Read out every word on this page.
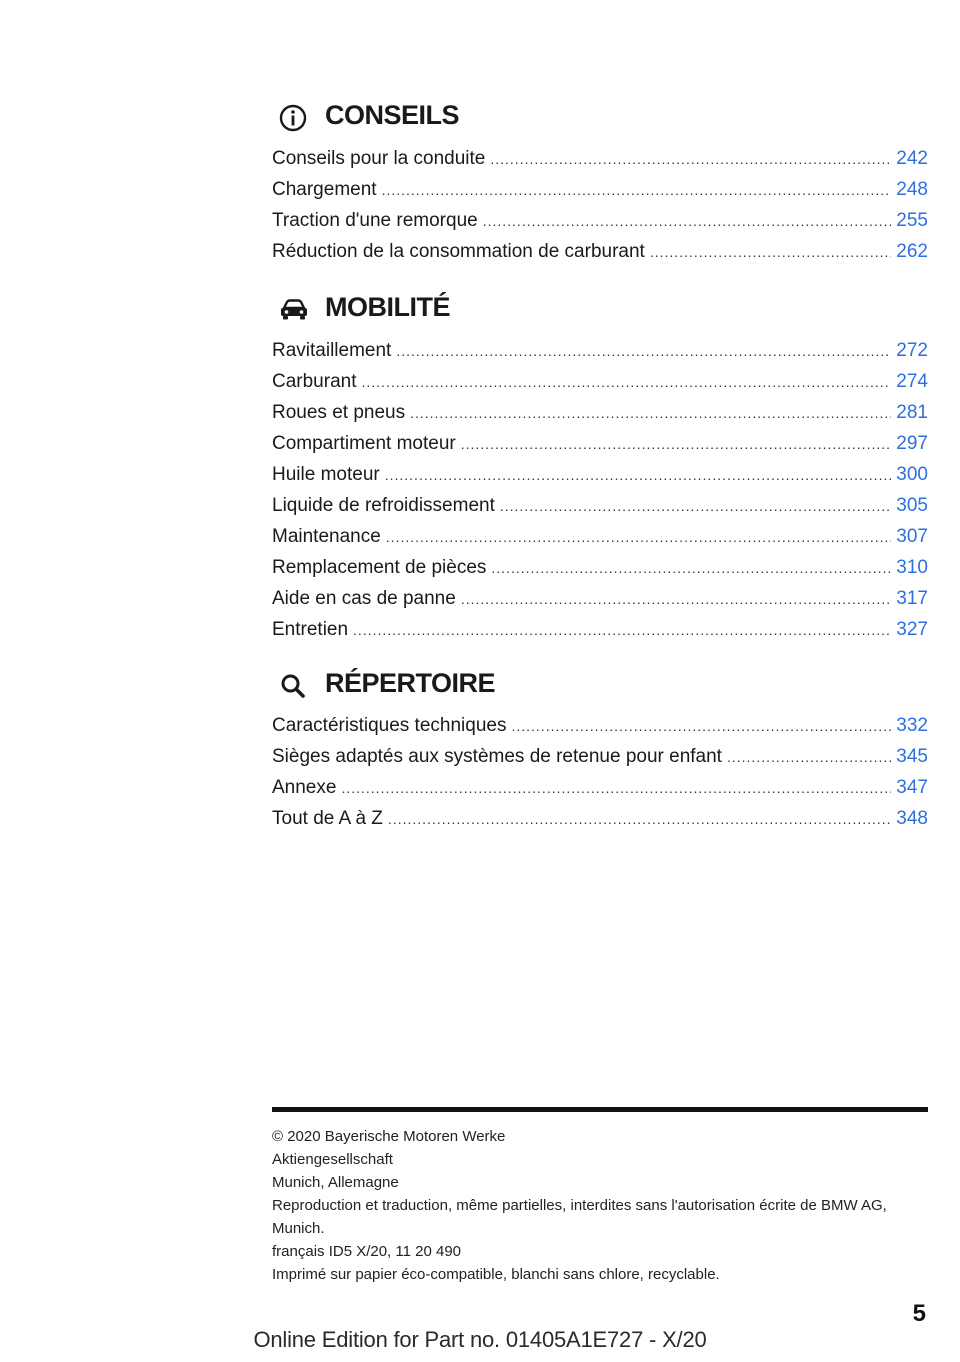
CONSEILS
Conseils pour la conduite .....	242
Chargement .....	248
Traction d'une remorque .....	255
Réduction de la consommation de carburant .....	262
MOBILITÉ
Ravitaillement .....	272
Carburant .....	274
Roues et pneus .....	281
Compartiment moteur .....	297
Huile moteur .....	300
Liquide de refroidissement .....	305
Maintenance .....	307
Remplacement de pièces .....	310
Aide en cas de panne .....	317
Entretien .....	327
RÉPERTOIRE
Caractéristiques techniques .....	332
Sièges adaptés aux systèmes de retenue pour enfant .....	345
Annexe .....	347
Tout de A à Z .....	348
© 2020 Bayerische Motoren Werke
Aktiengesellschaft
Munich, Allemagne
Reproduction et traduction, même partielles, interdites sans l'autorisation écrite de BMW AG, Munich.
français ID5 X/20, 11 20 490
Imprimé sur papier éco-compatible, blanchi sans chlore, recyclable.
5
Online Edition for Part no. 01405A1E727 - X/20
